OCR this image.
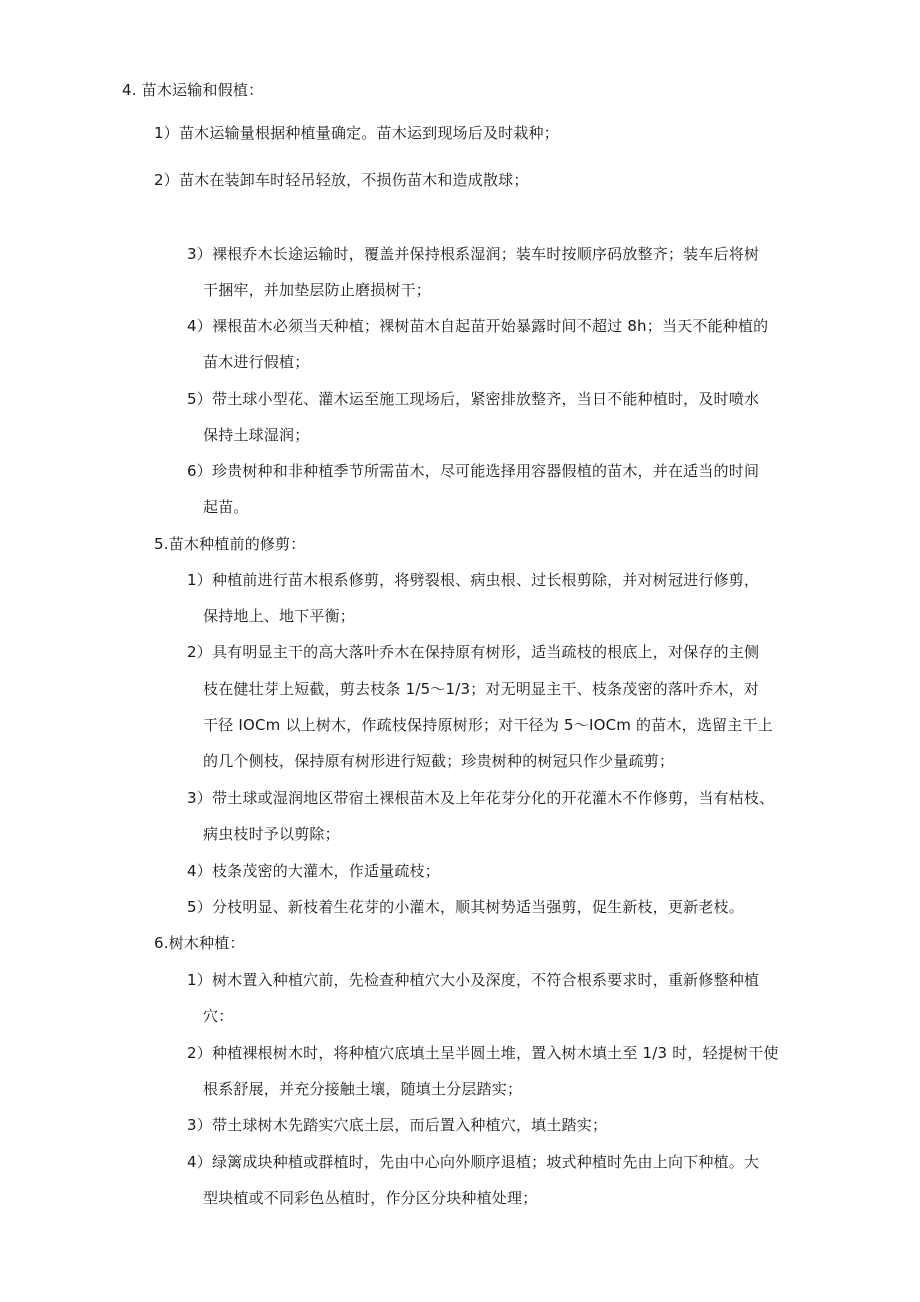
4. 苗木运输和假植：
1）苗木运输量根据种植量确定。苗木运到现场后及时栽种；
2）苗木在装卸车时轻吊轻放，不损伤苗木和造成散球；
3）裸根乔木长途运输时，覆盖并保持根系湿润；装车时按顺序码放整齐；装车后将树
干捆牢，并加垫层防止磨损树干；
4）裸根苗木必须当天种植；裸树苗木自起苗开始暴露时间不超过 8h；当天不能种植的
苗木进行假植；
5）带土球小型花、灌木运至施工现场后，紧密排放整齐，当日不能种植时，及时喷水
保持土球湿润；
6）珍贵树种和非种植季节所需苗木，尽可能选择用容器假植的苗木，并在适当的时间
起苗。
5.苗木种植前的修剪：
1）种植前进行苗木根系修剪，将劈裂根、病虫根、过长根剪除，并对树冠进行修剪，
保持地上、地下平衡；
2）具有明显主干的高大落叶乔木在保持原有树形，适当疏枝的根底上，对保存的主侧
枝在健壮芽上短截，剪去枝条 1/5～1/3；对无明显主干、枝条茂密的落叶乔木，对
干径 IOCm 以上树木，作疏枝保持原树形；对干径为 5～IOCm 的苗木，选留主干上
的几个侧枝，保持原有树形进行短截；珍贵树种的树冠只作少量疏剪；
3）带土球或湿润地区带宿土裸根苗木及上年花芽分化的开花灌木不作修剪，当有枯枝、
病虫枝时予以剪除；
4）枝条茂密的大灌木，作适量疏枝；
5）分枝明显、新枝着生花芽的小灌木，顺其树势适当强剪，促生新枝，更新老枝。
6.树木种植：
1）树木置入种植穴前，先检查种植穴大小及深度，不符合根系要求时，重新修整种植
穴：
2）种植裸根树木时，将种植穴底填土呈半圆土堆，置入树木填土至 1/3 时，轻提树干使
根系舒展，并充分接触土壤，随填土分层踏实；
3）带土球树木先踏实穴底土层，而后置入种植穴，填土踏实；
4）绿篱成块种植或群植时，先由中心向外顺序退植；坡式种植时先由上向下种植。大
型块植或不同彩色丛植时，作分区分块种植处理；
